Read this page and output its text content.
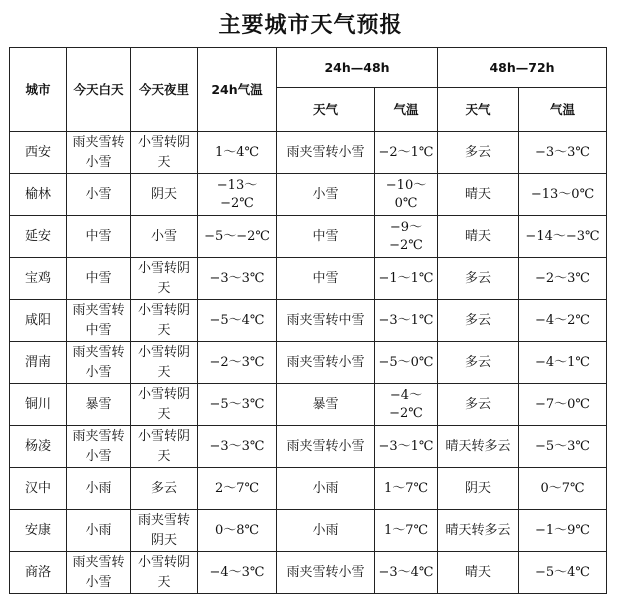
主要城市天气预报
城市	今天白天	今天夜里	24h气温	24h—48h		48h—72h	
				天气	气温	天气	气温
西安	雨夹雪转小雪	小雪转阴天	1～4℃	雨夹雪转小雪	−2～1℃	多云	−3～3℃
榆林	小雪	阴天	−13～−2℃	小雪	−10～0℃	晴天	−13～0℃
延安	中雪	小雪	−5～−2℃	中雪	−9～−2℃	晴天	−14～−3℃
宝鸡	中雪	小雪转阴天	−3～3℃	中雪	−1～1℃	多云	−2～3℃
咸阳	雨夹雪转中雪	小雪转阴天	−5～4℃	雨夹雪转中雪	−3～1℃	多云	−4～2℃
渭南	雨夹雪转小雪	小雪转阴天	−2～3℃	雨夹雪转小雪	−5～0℃	多云	−4～1℃
铜川	暴雪	小雪转阴天	−5～3℃	暴雪	−4～−2℃	多云	−7～0℃
杨凌	雨夹雪转小雪	小雪转阴天	−3～3℃	雨夹雪转小雪	−3～1℃	晴天转多云	−5～3℃
汉中	小雨	多云	2～7℃	小雨	1～7℃	阴天	0～7℃
安康	小雨	雨夹雪转阴天	0～8℃	小雨	1～7℃	晴天转多云	−1～9℃
商洛	雨夹雪转小雪	小雪转阴天	−4～3℃	雨夹雪转小雪	−3～4℃	晴天	−5～4℃
